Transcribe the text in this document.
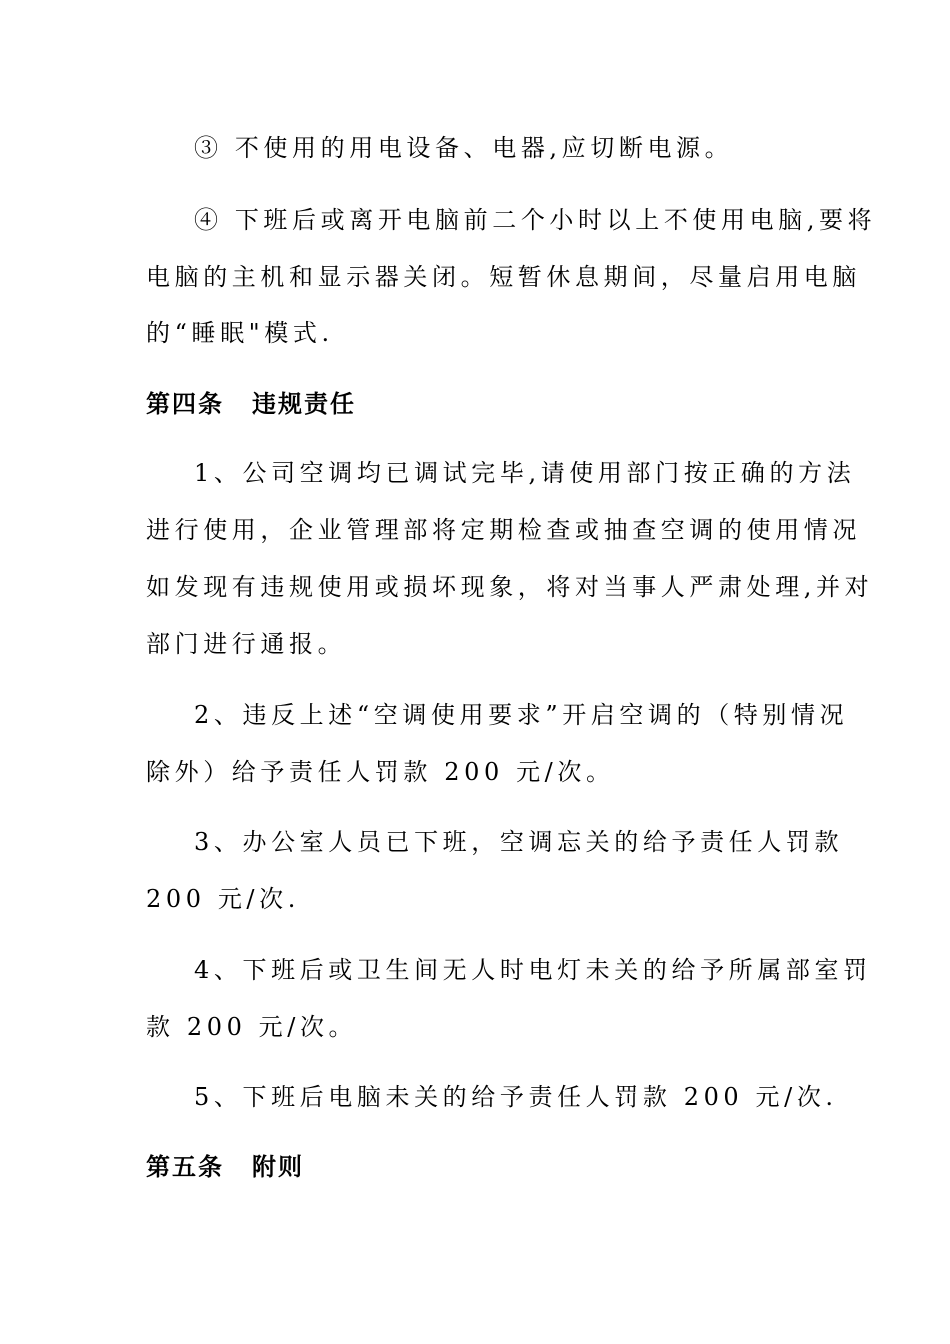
③ 不使用的用电设备、电器,应切断电源。
④ 下班后或离开电脑前二个小时以上不使用电脑,要将
电脑的主机和显示器关闭。短暂休息期间，尽量启用电脑
的“睡眠"模式.
第四条 违规责任
1、公司空调均已调试完毕,请使用部门按正确的方法
进行使用，企业管理部将定期检查或抽查空调的使用情况
如发现有违规使用或损坏现象，将对当事人严肃处理,并对
部门进行通报。
2、违反上述“空调使用要求”开启空调的（特别情况
除外）给予责任人罚款 200 元/次。
3、办公室人员已下班，空调忘关的给予责任人罚款
200 元/次.
4、下班后或卫生间无人时电灯未关的给予所属部室罚
款 200 元/次。
5、下班后电脑未关的给予责任人罚款 200 元/次.
第五条 附则
